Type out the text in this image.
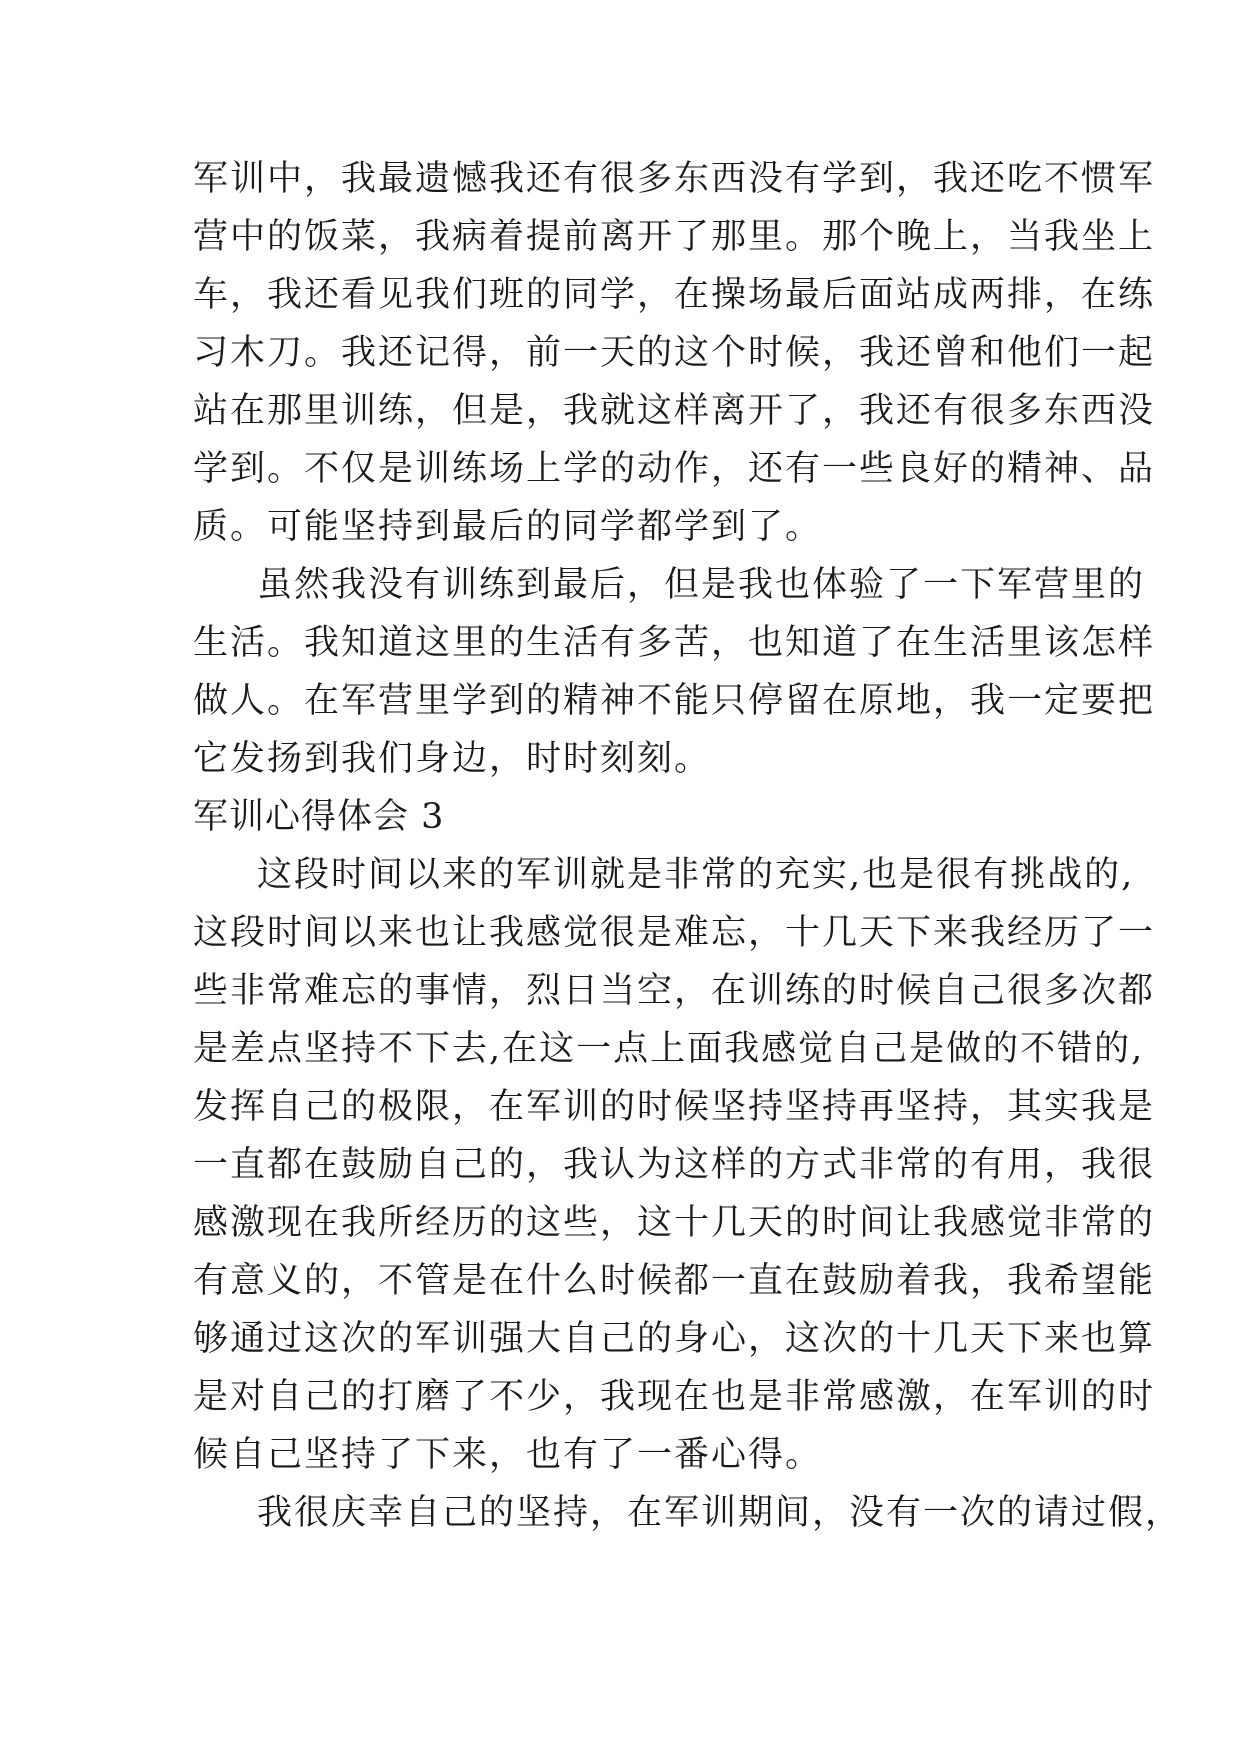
军训中，我最遗憾我还有很多东西没有学到，我还吃不惯军
营中的饭菜，我病着提前离开了那里。那个晚上，当我坐上
车，我还看见我们班的同学，在操场最后面站成两排，在练
习木刀。我还记得，前一天的这个时候，我还曾和他们一起
站在那里训练，但是，我就这样离开了，我还有很多东西没
学到。不仅是训练场上学的动作，还有一些良好的精神、品
质。可能坚持到最后的同学都学到了。
虽然我没有训练到最后，但是我也体验了一下军营里的
生活。我知道这里的生活有多苦，也知道了在生活里该怎样
做人。在军营里学到的精神不能只停留在原地，我一定要把
它发扬到我们身边，时时刻刻。
军训心得体会 3
这段时间以来的军训就是非常的充实,也是很有挑战的,
这段时间以来也让我感觉很是难忘，十几天下来我经历了一
些非常难忘的事情，烈日当空，在训练的时候自己很多次都
是差点坚持不下去,在这一点上面我感觉自己是做的不错的,
发挥自己的极限，在军训的时候坚持坚持再坚持，其实我是
一直都在鼓励自己的，我认为这样的方式非常的有用，我很
感激现在我所经历的这些，这十几天的时间让我感觉非常的
有意义的，不管是在什么时候都一直在鼓励着我，我希望能
够通过这次的军训强大自己的身心，这次的十几天下来也算
是对自己的打磨了不少，我现在也是非常感激，在军训的时
候自己坚持了下来，也有了一番心得。
我很庆幸自己的坚持，在军训期间，没有一次的请过假，
